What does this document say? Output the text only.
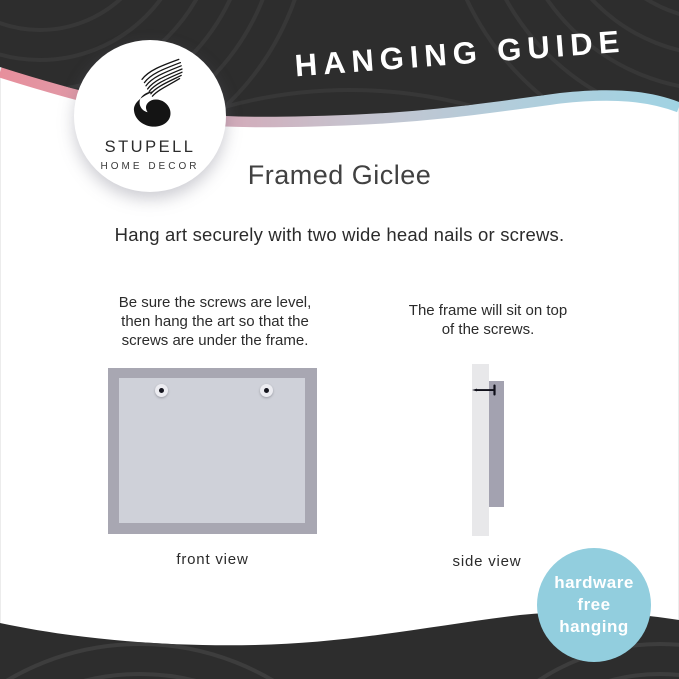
HANGING GUIDE
STUPELL
HOME DECOR	Framed Giclee
Hang art securely with two wide head nails or screws.
Be sure the screws are level,
then hang the art so that the
screws are under the frame.
The frame will sit on top
of the screws.
front view	side view
hardware
free
hanging
